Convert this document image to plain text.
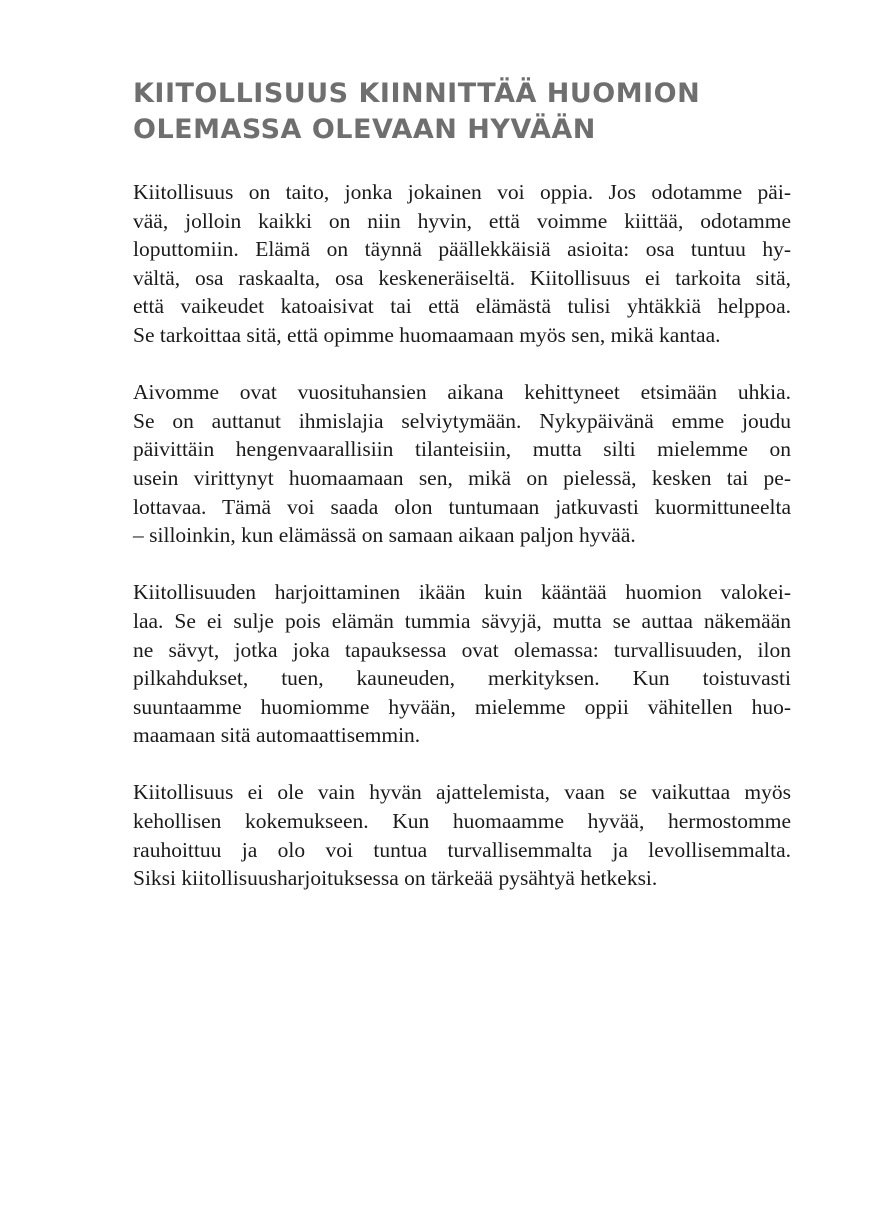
KIITOLLISUUS KIINNITTÄÄ HUOMION
OLEMASSA OLEVAAN HYVÄÄN
Kiitollisuus on taito, jonka jokainen voi oppia. Jos odotamme päi-
vää, jolloin kaikki on niin hyvin, että voimme kiittää, odotamme
loputtomiin. Elämä on täynnä päällekkäisiä asioita: osa tuntuu hy-
vältä, osa raskaalta, osa keskeneräiseltä. Kiitollisuus ei tarkoita sitä,
että vaikeudet katoaisivat tai että elämästä tulisi yhtäkkiä helppoa.
Se tarkoittaa sitä, että opimme huomaamaan myös sen, mikä kantaa.
Aivomme ovat vuosituhansien aikana kehittyneet etsimään uhkia.
Se on auttanut ihmislajia selviytymään. Nykypäivänä emme joudu
päivittäin hengenvaarallisiin tilanteisiin, mutta silti mielemme on
usein virittynyt huomaamaan sen, mikä on pielessä, kesken tai pe-
lottavaa. Tämä voi saada olon tuntumaan jatkuvasti kuormittuneelta
– silloinkin, kun elämässä on samaan aikaan paljon hyvää.
Kiitollisuuden harjoittaminen ikään kuin kääntää huomion valokei-
laa. Se ei sulje pois elämän tummia sävyjä, mutta se auttaa näkemään
ne sävyt, jotka joka tapauksessa ovat olemassa: turvallisuuden, ilon
pilkahdukset, tuen, kauneuden, merkityksen. Kun toistuvasti
suuntaamme huomiomme hyvään, mielemme oppii vähitellen huo-
maamaan sitä automaattisemmin.
Kiitollisuus ei ole vain hyvän ajattelemista, vaan se vaikuttaa myös
kehollisen kokemukseen. Kun huomaamme hyvää, hermostomme
rauhoittuu ja olo voi tuntua turvallisemmalta ja levollisemmalta.
Siksi kiitollisuusharjoituksessa on tärkeää pysähtyä hetkeksi.
